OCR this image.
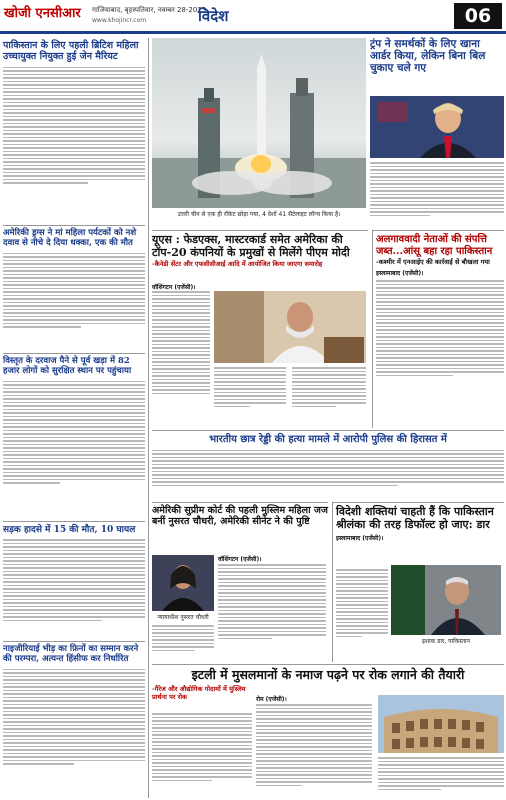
खोजी एनसीआर गाजियाबाद, बृहस्पतिवार, नवम्बर 28-2023
www.khojincr.com	विदेश	06
पाकिस्तान के लिए पहली ब्रिटिश महिला उच्चायुक्त नियुक्त हुई जेन मैरियट
अमेरिकी ड्रग्स ने मां महिला पर्यटकों को नशे दवाव से नीचे दे दिया धक्का, एक की मौत
विस्तृत के दरवाज पैने से पूर्व खड़ा में 82 हजार लोगों को सुरक्षित स्थान पर पहुंचाया
सड़क हादसे में 15 की मौत, 10 घायल
नाइजीरियाई भीड़ का फ़िनों का सम्मान करने की परम्परा, अत्यन्त हिंसीफ कर निर्धारित
उत्तरी चीन से एक ही रॉकेट छोड़ा गया, 4 देशों 41 सैटेलाइट लॉन्च किया है।
ट्रंप ने समर्थकों के लिए खाना आर्डर किया, लेकिन बिना बिल चुकाए चले गए
यूएस : फेडएक्स, मास्टरकार्ड समेत अमेरिका की टॉप-20 कंपनियों के प्रमुखों से मिलेंगे पीएम मोदी
-कैनेडी सेंटर और एफसीसीआई आदि में आयोजित किया जाएगा समारोह
वॉशिंगटन (एजेंसी)।
अलगाववादी नेताओं की संपत्ति जब्त...आंसू बहा रहा पाकिस्तान
-कश्मीर में एनआईए की कार्रवाई से बौखला गया
इस्लामाबाद (एजेंसी)।
भारतीय छात्र रेड्डी की हत्या मामले में आरोपी पुलिस की हिरासत में
अमेरिकी सुप्रीम कोर्ट की पहली मुस्लिम महिला जज बनीं नुसरत चौधरी, अमेरिकी सीनेट ने की पुष्टि
न्यायाधीश नुसरत चौधरी
वॉशिंगटन (एजेंसी)।
विदेशी शक्तियां चाहती हैं कि पाकिस्तान श्रीलंका की तरह डिफॉल्ट हो जाए: डार
इस्लामाबाद (एजेंसी)।
इशाक डार, पाकिस्तान
इटली में मुसलमानों के नमाज पढ़ने पर रोक लगाने की तैयारी
-गैरेज और औद्योगिक गोदामों में मुस्लिम प्रार्थना पर रोक	रोम (एजेंसी)।
